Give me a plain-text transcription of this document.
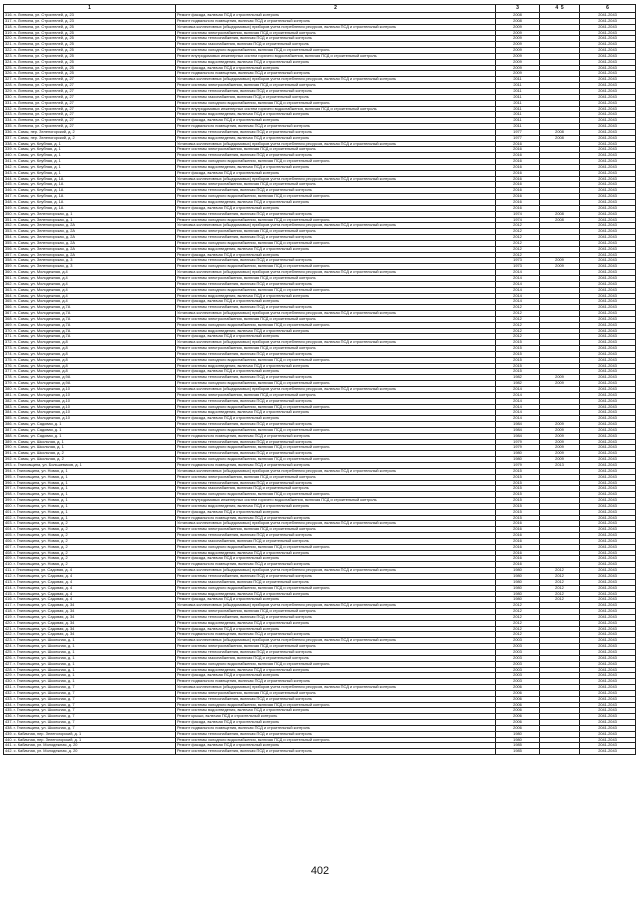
1	2	3	4 5	6
316. п. Литвина, ул. Строителей, д. 23	Ремонт фасада, включая ПСД и строительный контроль	2008		2041-2043
317. п. Литвина, ул. Строителей, д. 23	Ремонт подвального помещения, включая ПСД и строительный контроль	2008		2041-2043
318. п. Литвина, ул. Строителей, д. 25	Установка коллективных (общедомовых) приборов учета потребления ресурсов, включая ПСД и строительный контроль	2009		2041-2043
319. п. Литвина, ул. Строителей, д. 25	Ремонт системы электроснабжения, включая ПСД и строительный контроль	2009		2041-2043
320. п. Литвина, ул. Строителей, д. 25	Ремонт системы теплоснабжения, включая ПСД и строительный контроль	2009		2041-2043
321. п. Литвина, ул. Строителей, д. 25	Ремонт системы газоснабжения, включая ПСД и строительный контроль	2009		2041-2043
322. п. Литвина, ул. Строителей, д. 25	Ремонт системы холодного водоснабжения, включая ПСД и строительный контроль	2009		2041-2043
323. п. Литвина, ул. Строителей, д. 25	Ремонт внутридомовых инженерных систем горячего водоснабжения, включая ПСД и строительный контроль	2009		2041-2043
324. п. Литвина, ул. Строителей, д. 25	Ремонт системы водоотведения, включая ПСД и строительный контроль	2009		2041-2043
325. п. Литвина, ул. Строителей, д. 25	Ремонт фасада, включая ПСД и строительный контроль	2009		2041-2043
326. п. Литвина, ул. Строителей, д. 25	Ремонт подвального помещения, включая ПСД и строительный контроль	2009		2041-2043
327. п. Литвина, ул. Строителей, д. 27	Установка коллективных (общедомовых) приборов учета потребления ресурсов, включая ПСД и строительный контроль	2011		2041-2043
328. п. Литвина, ул. Строителей, д. 27	Ремонт системы электроснабжения, включая ПСД и строительный контроль	2011		2041-2043
329. п. Литвина, ул. Строителей, д. 27	Ремонт системы теплоснабжения, включая ПСД и строительный контроль	2011		2041-2043
330. п. Литвина, ул. Строителей, д. 27	Ремонт системы газоснабжения, включая ПСД и строительный контроль	2011		2041-2043
331. п. Литвина, ул. Строителей, д. 27	Ремонт системы холодного водоснабжения, включая ПСД и строительный контроль	2011		2041-2043
332. п. Литвина, ул. Строителей, д. 27	Ремонт внутридомовых инженерных систем горячего водоснабжения, включая ПСД и строительный контроль	2011		2041-2043
333. п. Литвина, ул. Строителей, д. 27	Ремонт системы водоотведения, включая ПСД и строительный контроль	2011		2041-2043
334. п. Литвина, ул. Строителей, д. 27	Ремонт фасада, включая ПСД и строительный контроль	2011		2041-2043
335. п. Литвина, ул. Строителей, д. 27	Ремонт подвального помещения, включая ПСД и строительный контроль	2011		2041-2043
336. п. Самы, пер. Зеленогорский, д. 2	Ремонт системы теплоснабжения, включая ПСД и строительный контроль	1977	2008	2041-2043
337. п. Самы, пер. Зеленогорский, д. 2	Ремонт системы водоотведения, включая ПСД и строительный контроль	1977	2008	2041-2043
338. п. Самы, ул. Клубная, д. 1	Установка коллективных (общедомовых) приборов учета потребления ресурсов, включая ПСД и строительный контроль	2016		2041-2043
339. п. Самы, ул. Клубная, д. 1	Ремонт системы электроснабжения, включая ПСД и строительный контроль	2016		2041-2043
340. п. Самы, ул. Клубная, д. 1	Ремонт системы теплоснабжения, включая ПСД и строительный контроль	2016		2041-2043
341. п. Самы, ул. Клубная, д. 1	Ремонт системы холодного водоснабжения, включая ПСД и строительный контроль	2016		2041-2043
342. п. Самы, ул. Клубная, д. 1	Ремонт системы водоотведения, включая ПСД и строительный контроль	2016		2041-2043
343. п. Самы, ул. Клубная, д. 1	Ремонт фасада, включая ПСД и строительный контроль	2016		2041-2043
344. п. Самы, ул. Клубная, д. 1А	Установка коллективных (общедомовых) приборов учета потребления ресурсов, включая ПСД и строительный контроль	2016		2041-2043
345. п. Самы, ул. Клубная, д. 1А	Ремонт системы электроснабжения, включая ПСД и строительный контроль	2016		2041-2043
346. п. Самы, ул. Клубная, д. 1А	Ремонт системы теплоснабжения, включая ПСД и строительный контроль	2016		2041-2043
347. п. Самы, ул. Клубная, д. 1А	Ремонт системы холодного водоснабжения, включая ПСД и строительный контроль	2016		2041-2043
348. п. Самы, ул. Клубная, д. 1А	Ремонт системы водоотведения, включая ПСД и строительный контроль	2016		2041-2043
349. п. Самы, ул. Клубная, д. 1А	Ремонт фасада, включая ПСД и строительный контроль	2016		2041-2043
350. п. Самы, ул. Зеленогорская, д. 1	Ремонт системы теплоснабжения, включая ПСД и строительный контроль	1974	2008	2041-2043
351. п. Самы, ул. Зеленогорская, д. 1	Ремонт системы холодного водоснабжения, включая ПСД и строительный контроль	1974	2008	2041-2043
352. п. Самы, ул. Зеленогорская, д. 2А	Установка коллективных (общедомовых) приборов учета потребления ресурсов, включая ПСД и строительный контроль	2012		2041-2043
353. п. Самы, ул. Зеленогорская, д. 2А	Ремонт системы электроснабжения, включая ПСД и строительный контроль	2012		2041-2043
354. п. Самы, ул. Зеленогорская, д. 2А	Ремонт системы теплоснабжения, включая ПСД и строительный контроль	2012		2041-2043
355. п. Самы, ул. Зеленогорская, д. 2А	Ремонт системы холодного водоснабжения, включая ПСД и строительный контроль	2012		2041-2043
356. п. Самы, ул. Зеленогорская, д. 2А	Ремонт системы водоотведения, включая ПСД и строительный контроль	2012		2041-2043
357. п. Самы, ул. Зеленогорская, д. 2А	Ремонт фасада, включая ПСД и строительный контроль	2012		2041-2043
358. п. Самы, ул. Зеленогорская, д. 3	Ремонт системы теплоснабжения, включая ПСД и строительный контроль	1973	2009	2041-2043
359. п. Самы, ул. Зеленогорская, д. 3	Ремонт системы холодного водоснабжения, включая ПСД и строительный контроль	1973	2009	2041-2043
360. п. Самы, ул. Молодежная, д.4	Установка коллективных (общедомовых) приборов учета потребления ресурсов, включая ПСД и строительный контроль	2014		2041-2043
361. п. Самы, ул. Молодежная, д.4	Ремонт системы электроснабжения, включая ПСД и строительный контроль	2014		2041-2043
362. п. Самы, ул. Молодежная, д.4	Ремонт системы теплоснабжения, включая ПСД и строительный контроль	2014		2041-2043
363. п. Самы, ул. Молодежная, д.4	Ремонт системы холодного водоснабжения, включая ПСД и строительный контроль	2014		2041-2043
364. п. Самы, ул. Молодежная, д.4	Ремонт системы водоотведения, включая ПСД и строительный контроль	2014		2041-2043
365. п. Самы, ул. Молодежная, д.4	Ремонт фасада, включая ПСД и строительный контроль	2014		2041-2043
366. п. Самы, ул. Молодежная, д.7А	Ремонт системы теплоснабжения, включая ПСД и строительный контроль	2012		2041-2043
367. п. Самы, ул. Молодежная, д.7А	Установка коллективных (общедомовых) приборов учета потребления ресурсов, включая ПСД и строительный контроль	2012		2041-2043
368. п. Самы, ул. Молодежная, д.7А	Ремонт системы электроснабжения, включая ПСД и строительный контроль	2012		2041-2043
369. п. Самы, ул. Молодежная, д.7А	Ремонт системы холодного водоснабжения, включая ПСД и строительный контроль	2012		2041-2043
370. п. Самы, ул. Молодежная, д.7А	Ремонт системы водоотведения, включая ПСД и строительный контроль	2012		2041-2043
371. п. Самы, ул. Молодежная, д.7А	Ремонт фасада, включая ПСД и строительный контроль	2012		2041-2043
372. п. Самы, ул. Молодежная, д.8	Установка коллективных (общедомовых) приборов учета потребления ресурсов, включая ПСД и строительный контроль	2015		2041-2043
373. п. Самы, ул. Молодежная, д.8	Ремонт системы электроснабжения, включая ПСД и строительный контроль	2015		2041-2043
374. п. Самы, ул. Молодежная, д.8	Ремонт системы теплоснабжения, включая ПСД и строительный контроль	2015		2041-2043
375. п. Самы, ул. Молодежная, д.8	Ремонт системы холодного водоснабжения, включая ПСД и строительный контроль	2015		2041-2043
376. п. Самы, ул. Молодежная, д.8	Ремонт системы водоотведения, включая ПСД и строительный контроль	2015		2041-2043
377. п. Самы, ул. Молодежная, д.8	Ремонт фасада, включая ПСД и строительный контроль	2015		2041-2043
378. п. Самы, ул. Молодежная, д.9А	Ремонт системы теплоснабжения, включая ПСД и строительный контроль	1982	2009	2041-2043
379. п. Самы, ул. Молодежная, д.9А	Ремонт системы холодного водоснабжения, включая ПСД и строительный контроль	1982	2009	2041-2043
380. п. Самы, ул. Молодежная, д.10	Установка коллективных (общедомовых) приборов учета потребления ресурсов, включая ПСД и строительный контроль	2014		2041-2043
381. п. Самы, ул. Молодежная, д.10	Ремонт системы электроснабжения, включая ПСД и строительный контроль	2014		2041-2043
382. п. Самы, ул. Молодежная, д.10	Ремонт системы теплоснабжения, включая ПСД и строительный контроль	2014		2041-2043
383. п. Самы, ул. Молодежная, д.10	Ремонт системы холодного водоснабжения, включая ПСД и строительный контроль	2014		2041-2043
384. п. Самы, ул. Молодежная, д.10	Ремонт системы водоотведения, включая ПСД и строительный контроль	2014		2041-2043
385. п. Самы, ул. Молодежная, д.10	Ремонт фасада, включая ПСД и строительный контроль	2014		2041-2043
386. п. Самы, ул. Садовая, д. 1	Ремонт системы теплоснабжения, включая ПСД и строительный контроль	1984	2009	2041-2043
387. п. Самы, ул. Садовая, д. 1	Ремонт системы холодного водоснабжения, включая ПСД и строительный контроль	1984	2009	2041-2043
388. п. Самы, ул. Садовая, д. 1	Ремонт подвального помещения, включая ПСД и строительный контроль	1984	2009	2041-2043
389. п. Самы, ул. Школьная, д. 1	Ремонт системы теплоснабжения, включая ПСД и строительный контроль	1979	2009	2041-2043
390. п. Самы, ул. Школьная, д. 1	Ремонт системы холодного водоснабжения, включая ПСД и строительный контроль	1979	2009	2041-2043
391. п. Самы, ул. Школьная, д. 2	Ремонт системы теплоснабжения, включая ПСД и строительный контроль	1980	2009	2041-2043
392. п. Самы, ул. Школьная, д. 2	Ремонт системы холодного водоснабжения, включая ПСД и строительный контроль	1980	2009	2041-2043
393. с. Гниловщина, ул. Большевиков, д. 1	Ремонт подвального помещения, включая ПСД и строительный контроль	1979	2013	2041-2043
394. г. Гниловщина, ул. Новая, д. 1	Установка коллективных (общедомовых) приборов учета потребления ресурсов, включая ПСД и строительный контроль	2015		2041-2043
395. г. Гниловщина, ул. Новая, д. 1	Ремонт системы электроснабжения, включая ПСД и строительный контроль	2015		2041-2043
396. г. Гниловщина, ул. Новая, д. 1	Ремонт системы теплоснабжения, включая ПСД и строительный контроль	2015		2041-2043
397. г. Гниловщина, ул. Новая, д. 1	Ремонт системы газоснабжения, включая ПСД и строительный контроль	2015		2041-2043
398. г. Гниловщина, ул. Новая, д. 1	Ремонт системы холодного водоснабжения, включая ПСД и строительный контроль	2015		2041-2043
399. г. Гниловщина, ул. Новая, д. 1	Ремонт внутридомовых инженерных систем горячего водоснабжения, включая ПСД и строительный контроль	2015		2041-2043
400. г. Гниловщина, ул. Новая, д. 1	Ремонт системы водоотведения, включая ПСД и строительный контроль	2015		2041-2043
401. г. Гниловщина, ул. Новая, д. 1	Ремонт фасада, включая ПСД и строительный контроль	2015		2041-2043
402. г. Гниловщина, ул. Новая, д. 1	Ремонт подвального помещения, включая ПСД и строительный контроль	2015		2041-2043
403. г. Гниловщина, ул. Новая, д. 2	Установка коллективных (общедомовых) приборов учета потребления ресурсов, включая ПСД и строительный контроль	2016		2041-2043
404. г. Гниловщина, ул. Новая, д. 2	Ремонт системы электроснабжения, включая ПСД и строительный контроль	2016		2041-2043
405. г. Гниловщина, ул. Новая, д. 2	Ремонт системы теплоснабжения, включая ПСД и строительный контроль	2016		2041-2043
406. г. Гниловщина, ул. Новая, д. 2	Ремонт системы газоснабжения, включая ПСД и строительный контроль	2016		2041-2043
407. г. Гниловщина, ул. Новая, д. 2	Ремонт системы холодного водоснабжения, включая ПСД и строительный контроль	2016		2041-2043
408. г. Гниловщина, ул. Новая, д. 2	Ремонт системы водоотведения, включая ПСД и строительный контроль	2016		2041-2043
409. г. Гниловщина, ул. Новая, д. 2	Ремонт фасада, включая ПСД и строительный контроль	2016		2041-2043
410. г. Гниловщина, ул. Новая, д. 2	Ремонт подвального помещения, включая ПСД и строительный контроль	2016		2041-2043
411. г. Гниловщина, ул. Садовая, д. 4	Установка коллективных (общедомовых) приборов учета потребления ресурсов, включая ПСД и строительный контроль	1980	2012	2041-2043
412. г. Гниловщина, ул. Садовая, д. 4	Ремонт системы теплоснабжения, включая ПСД и строительный контроль	1980	2012	2041-2043
413. г. Гниловщина, ул. Садовая, д. 4	Ремонт системы газоснабжения, включая ПСД и строительный контроль	1980	2012	2041-2043
414. г. Гниловщина, ул. Садовая, д. 4	Ремонт системы холодного водоснабжения, включая ПСД и строительный контроль	1980	2012	2041-2043
415. г. Гниловщина, ул. Садовая, д. 4	Ремонт системы водоотведения, включая ПСД и строительный контроль	1980	2012	2041-2043
416. г. Гниловщина, ул. Садовая, д. 4	Ремонт фасада, включая ПСД и строительный контроль	1980	2012	2041-2043
417. г. Гниловщина, ул. Садовая, д. 34	Установка коллективных (общедомовых) приборов учета потребления ресурсов, включая ПСД и строительный контроль	2012		2041-2043
418. г. Гниловщина, ул. Садовая, д. 34	Ремонт системы электроснабжения, включая ПСД и строительный контроль	2012		2041-2043
419. г. Гниловщина, ул. Садовая, д. 34	Ремонт системы теплоснабжения, включая ПСД и строительный контроль	2012		2041-2043
420. г. Гниловщина, ул. Садовая, д. 34	Ремонт системы водоотведения, включая ПСД и строительный контроль	2012		2041-2043
421. г. Гниловщина, ул. Садовая, д. 34	Ремонт фасада, включая ПСД и строительный контроль	2012		2041-2043
422. г. Гниловщина, ул. Садовая, д. 34	Ремонт подвального помещения, включая ПСД и строительный контроль	2012		2041-2043
423. г. Гниловщина, ул. Школьная, д. 1	Установка коллективных (общедомовых) приборов учета потребления ресурсов, включая ПСД и строительный контроль	2003		2041-2043
424. г. Гниловщина, ул. Школьная, д. 1	Ремонт системы электроснабжения, включая ПСД и строительный контроль	2003		2041-2043
425. г. Гниловщина, ул. Школьная, д. 1	Ремонт системы теплоснабжения, включая ПСД и строительный контроль	2003		2041-2043
426. г. Гниловщина, ул. Школьная, д. 1	Ремонт системы газоснабжения, включая ПСД и строительный контроль	2003		2041-2043
427. г. Гниловщина, ул. Школьная, д. 1	Ремонт системы холодного водоснабжения, включая ПСД и строительный контроль	2003		2041-2043
428. г. Гниловщина, ул. Школьная, д. 1	Ремонт системы водоотведения, включая ПСД и строительный контроль	2003		2041-2043
429. г. Гниловщина, ул. Школьная, д. 1	Ремонт фасада, включая ПСД и строительный контроль	2003		2041-2043
430. г. Гниловщина, ул. Школьная, д. 1	Ремонт подвального помещения, включая ПСД и строительный контроль	2003		2041-2043
431. г. Гниловщина, ул. Школьная, д. 7	Установка коллективных (общедомовых) приборов учета потребления ресурсов, включая ПСД и строительный контроль	2006		2041-2043
432. г. Гниловщина, ул. Школьная, д. 7	Ремонт системы электроснабжения, включая ПСД и строительный контроль	2006		2041-2043
433. г. Гниловщина, ул. Школьная, д. 7	Ремонт системы теплоснабжения, включая ПСД и строительный контроль	2006		2041-2043
434. г. Гниловщина, ул. Школьная, д. 7	Ремонт системы холодного водоснабжения, включая ПСД и строительный контроль	2006		2041-2043
435. г. Гниловщина, ул. Школьная, д. 7	Ремонт системы водоотведения, включая ПСД и строительный контроль	2006		2041-2043
436. г. Гниловщина, ул. Школьная, д. 7	Ремонт крыши, включая ПСД и строительный контроль	2006		2041-2043
437. г. Гниловщина, ул. Школьная, д. 7	Ремонт фасада, включая ПСД и строительный контроль	2006		2041-2043
438. г. Гниловщина, ул. Школьная, д. 7	Ремонт подвального помещения, включая ПСД и строительный контроль	2006		2041-2043
439. с. Кабачная, пер. Зеленогорский, д. 1	Ремонт системы теплоснабжения, включая ПСД и строительный контроль	1980		2041-2043
440. с. Кабачная, пер. Зеленогорский, д. 1	Ремонт системы холодного водоснабжения, включая ПСД и строительный контроль	1980		2041-2043
441. с. Кабачная, ул. Молодежная, д. 20	Ремонт фасада, включая ПСД и строительный контроль	1985		2041-2043
442. с. Кабачная, ул. Молодежная, д. 20	Ремонт системы теплоснабжения, включая ПСД и строительный контроль	1985		2041-2043
402
